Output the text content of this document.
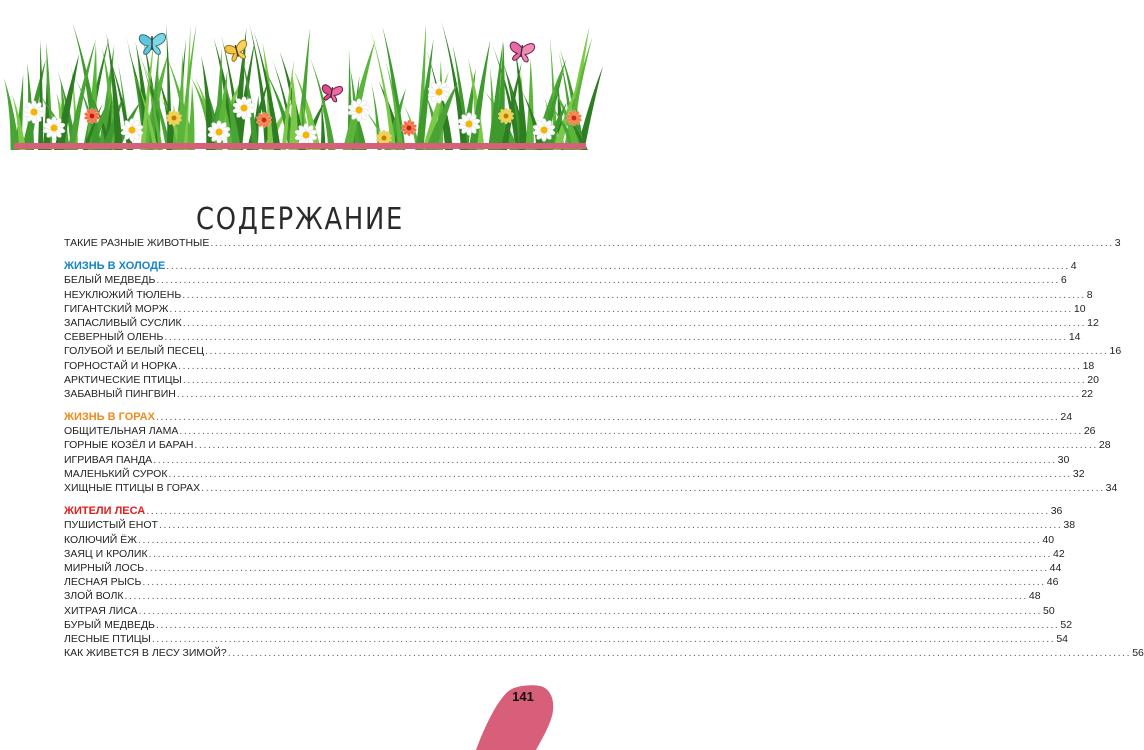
СОДЕРЖАНИЕ
ТАКИЕ РАЗНЫЕ ЖИВОТНЫЕ ........................................................................................................................................................................................................ 3
ЖИЗНЬ В ХОЛОДЕ ........................................................................................................................................................................................................ 4
БЕЛЫЙ МЕДВЕДЬ ........................................................................................................................................................................................................ 6
НЕУКЛЮЖИЙ ТЮЛЕНЬ ........................................................................................................................................................................................................ 8
ГИГАНТСКИЙ МОРЖ ........................................................................................................................................................................................................ 10
ЗАПАСЛИВЫЙ СУСЛИК ........................................................................................................................................................................................................ 12
СЕВЕРНЫЙ ОЛЕНЬ ........................................................................................................................................................................................................ 14
ГОЛУБОЙ И БЕЛЫЙ ПЕСЕЦ ........................................................................................................................................................................................................ 16
ГОРНОСТАЙ И НОРКА ........................................................................................................................................................................................................ 18
АРКТИЧЕСКИЕ ПТИЦЫ ........................................................................................................................................................................................................ 20
ЗАБАВНЫЙ ПИНГВИН ........................................................................................................................................................................................................ 22
ЖИЗНЬ В ГОРАХ ........................................................................................................................................................................................................ 24
ОБЩИТЕЛЬНАЯ ЛАМА ........................................................................................................................................................................................................ 26
ГОРНЫЕ КОЗЁЛ И БАРАН ........................................................................................................................................................................................................ 28
ИГРИВАЯ ПАНДА ........................................................................................................................................................................................................ 30
МАЛЕНЬКИЙ СУРОК ........................................................................................................................................................................................................ 32
ХИЩНЫЕ ПТИЦЫ В ГОРАХ ........................................................................................................................................................................................................ 34
ЖИТЕЛИ ЛЕСА ........................................................................................................................................................................................................ 36
ПУШИСТЫЙ ЕНОТ ........................................................................................................................................................................................................ 38
КОЛЮЧИЙ ЁЖ ........................................................................................................................................................................................................ 40
ЗАЯЦ И КРОЛИК ........................................................................................................................................................................................................ 42
МИРНЫЙ ЛОСЬ ........................................................................................................................................................................................................ 44
ЛЕСНАЯ РЫСЬ ........................................................................................................................................................................................................ 46
ЗЛОЙ ВОЛК ........................................................................................................................................................................................................ 48
ХИТРАЯ ЛИСА ........................................................................................................................................................................................................ 50
БУРЫЙ МЕДВЕДЬ ........................................................................................................................................................................................................ 52
ЛЕСНЫЕ ПТИЦЫ ........................................................................................................................................................................................................ 54
КАК ЖИВЕТСЯ В ЛЕСУ ЗИМОЙ? ........................................................................................................................................................................................................ 56
141
